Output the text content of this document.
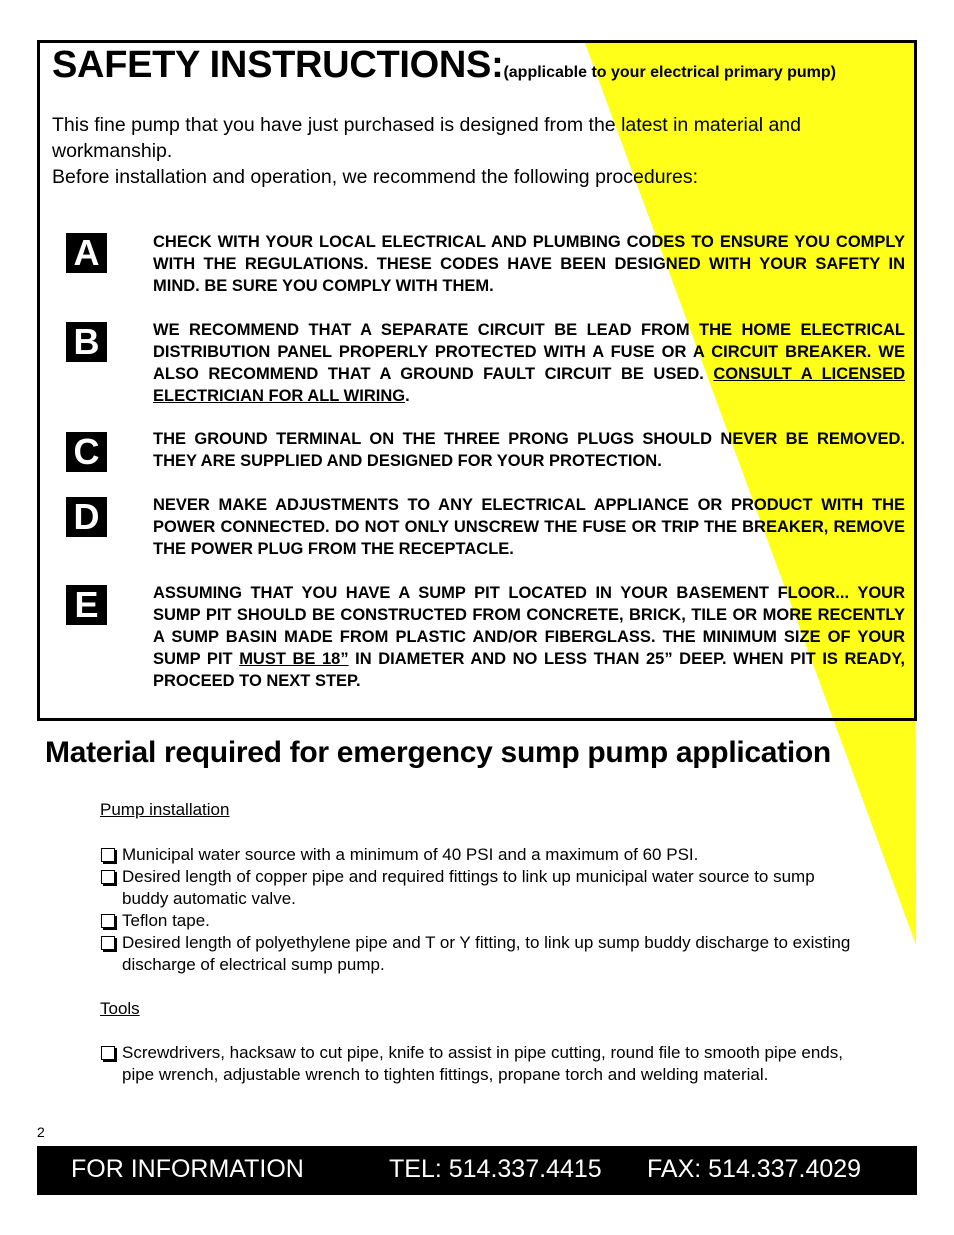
SAFETY INSTRUCTIONS:(applicable to your electrical primary pump)
This fine pump that you have just purchased is designed from the latest in material and workmanship.
Before installation and operation, we recommend the following procedures:
A	CHECK WITH YOUR LOCAL ELECTRICAL AND PLUMBING CODES TO ENSURE YOU COMPLY WITH THE REGULATIONS. THESE CODES HAVE BEEN DESIGNED WITH YOUR SAFETY IN MIND. BE SURE YOU COMPLY WITH THEM.

B	WE RECOMMEND THAT A SEPARATE CIRCUIT BE LEAD FROM THE HOME ELECTRICAL DISTRIBUTION PANEL PROPERLY PROTECTED WITH A FUSE OR A CIRCUIT BREAKER. WE ALSO RECOMMEND THAT A GROUND FAULT CIRCUIT BE USED. CONSULT A LICENSED ELECTRICIAN FOR ALL WIRING.

C	THE GROUND TERMINAL ON THE THREE PRONG PLUGS SHOULD NEVER BE REMOVED. THEY ARE SUPPLIED AND DESIGNED FOR YOUR PROTECTION.

D	NEVER MAKE ADJUSTMENTS TO ANY ELECTRICAL APPLIANCE OR PRODUCT WITH THE POWER CONNECTED. DO NOT ONLY UNSCREW THE FUSE OR TRIP THE BREAKER, REMOVE THE POWER PLUG FROM THE RECEPTACLE.

E	ASSUMING THAT YOU HAVE A SUMP PIT LOCATED IN YOUR BASEMENT FLOOR... YOUR SUMP PIT SHOULD BE CONSTRUCTED FROM CONCRETE, BRICK, TILE OR MORE RECENTLY A SUMP BASIN MADE FROM PLASTIC AND/OR FIBERGLASS. THE MINIMUM SIZE OF YOUR SUMP PIT MUST BE 18” IN DIAMETER AND NO LESS THAN 25” DEEP. WHEN PIT IS READY, PROCEED TO NEXT STEP.

Material required for emergency sump pump application

Pump installation

Municipal water source with a minimum of 40 PSI and a maximum of 60 PSI.
Desired length of copper pipe and required fittings to link up municipal water source to sump buddy automatic valve.
Teflon tape.
Desired length of polyethylene pipe and T or Y fitting, to link up sump buddy discharge to existing discharge of electrical sump pump.

Tools

Screwdrivers, hacksaw to cut pipe, knife to assist in pipe cutting, round file to smooth pipe ends, pipe wrench, adjustable wrench to tighten fittings, propane torch and welding material.
2
FOR INFORMATION	TEL: 514.337.4415 FAX: 514.337.4029
